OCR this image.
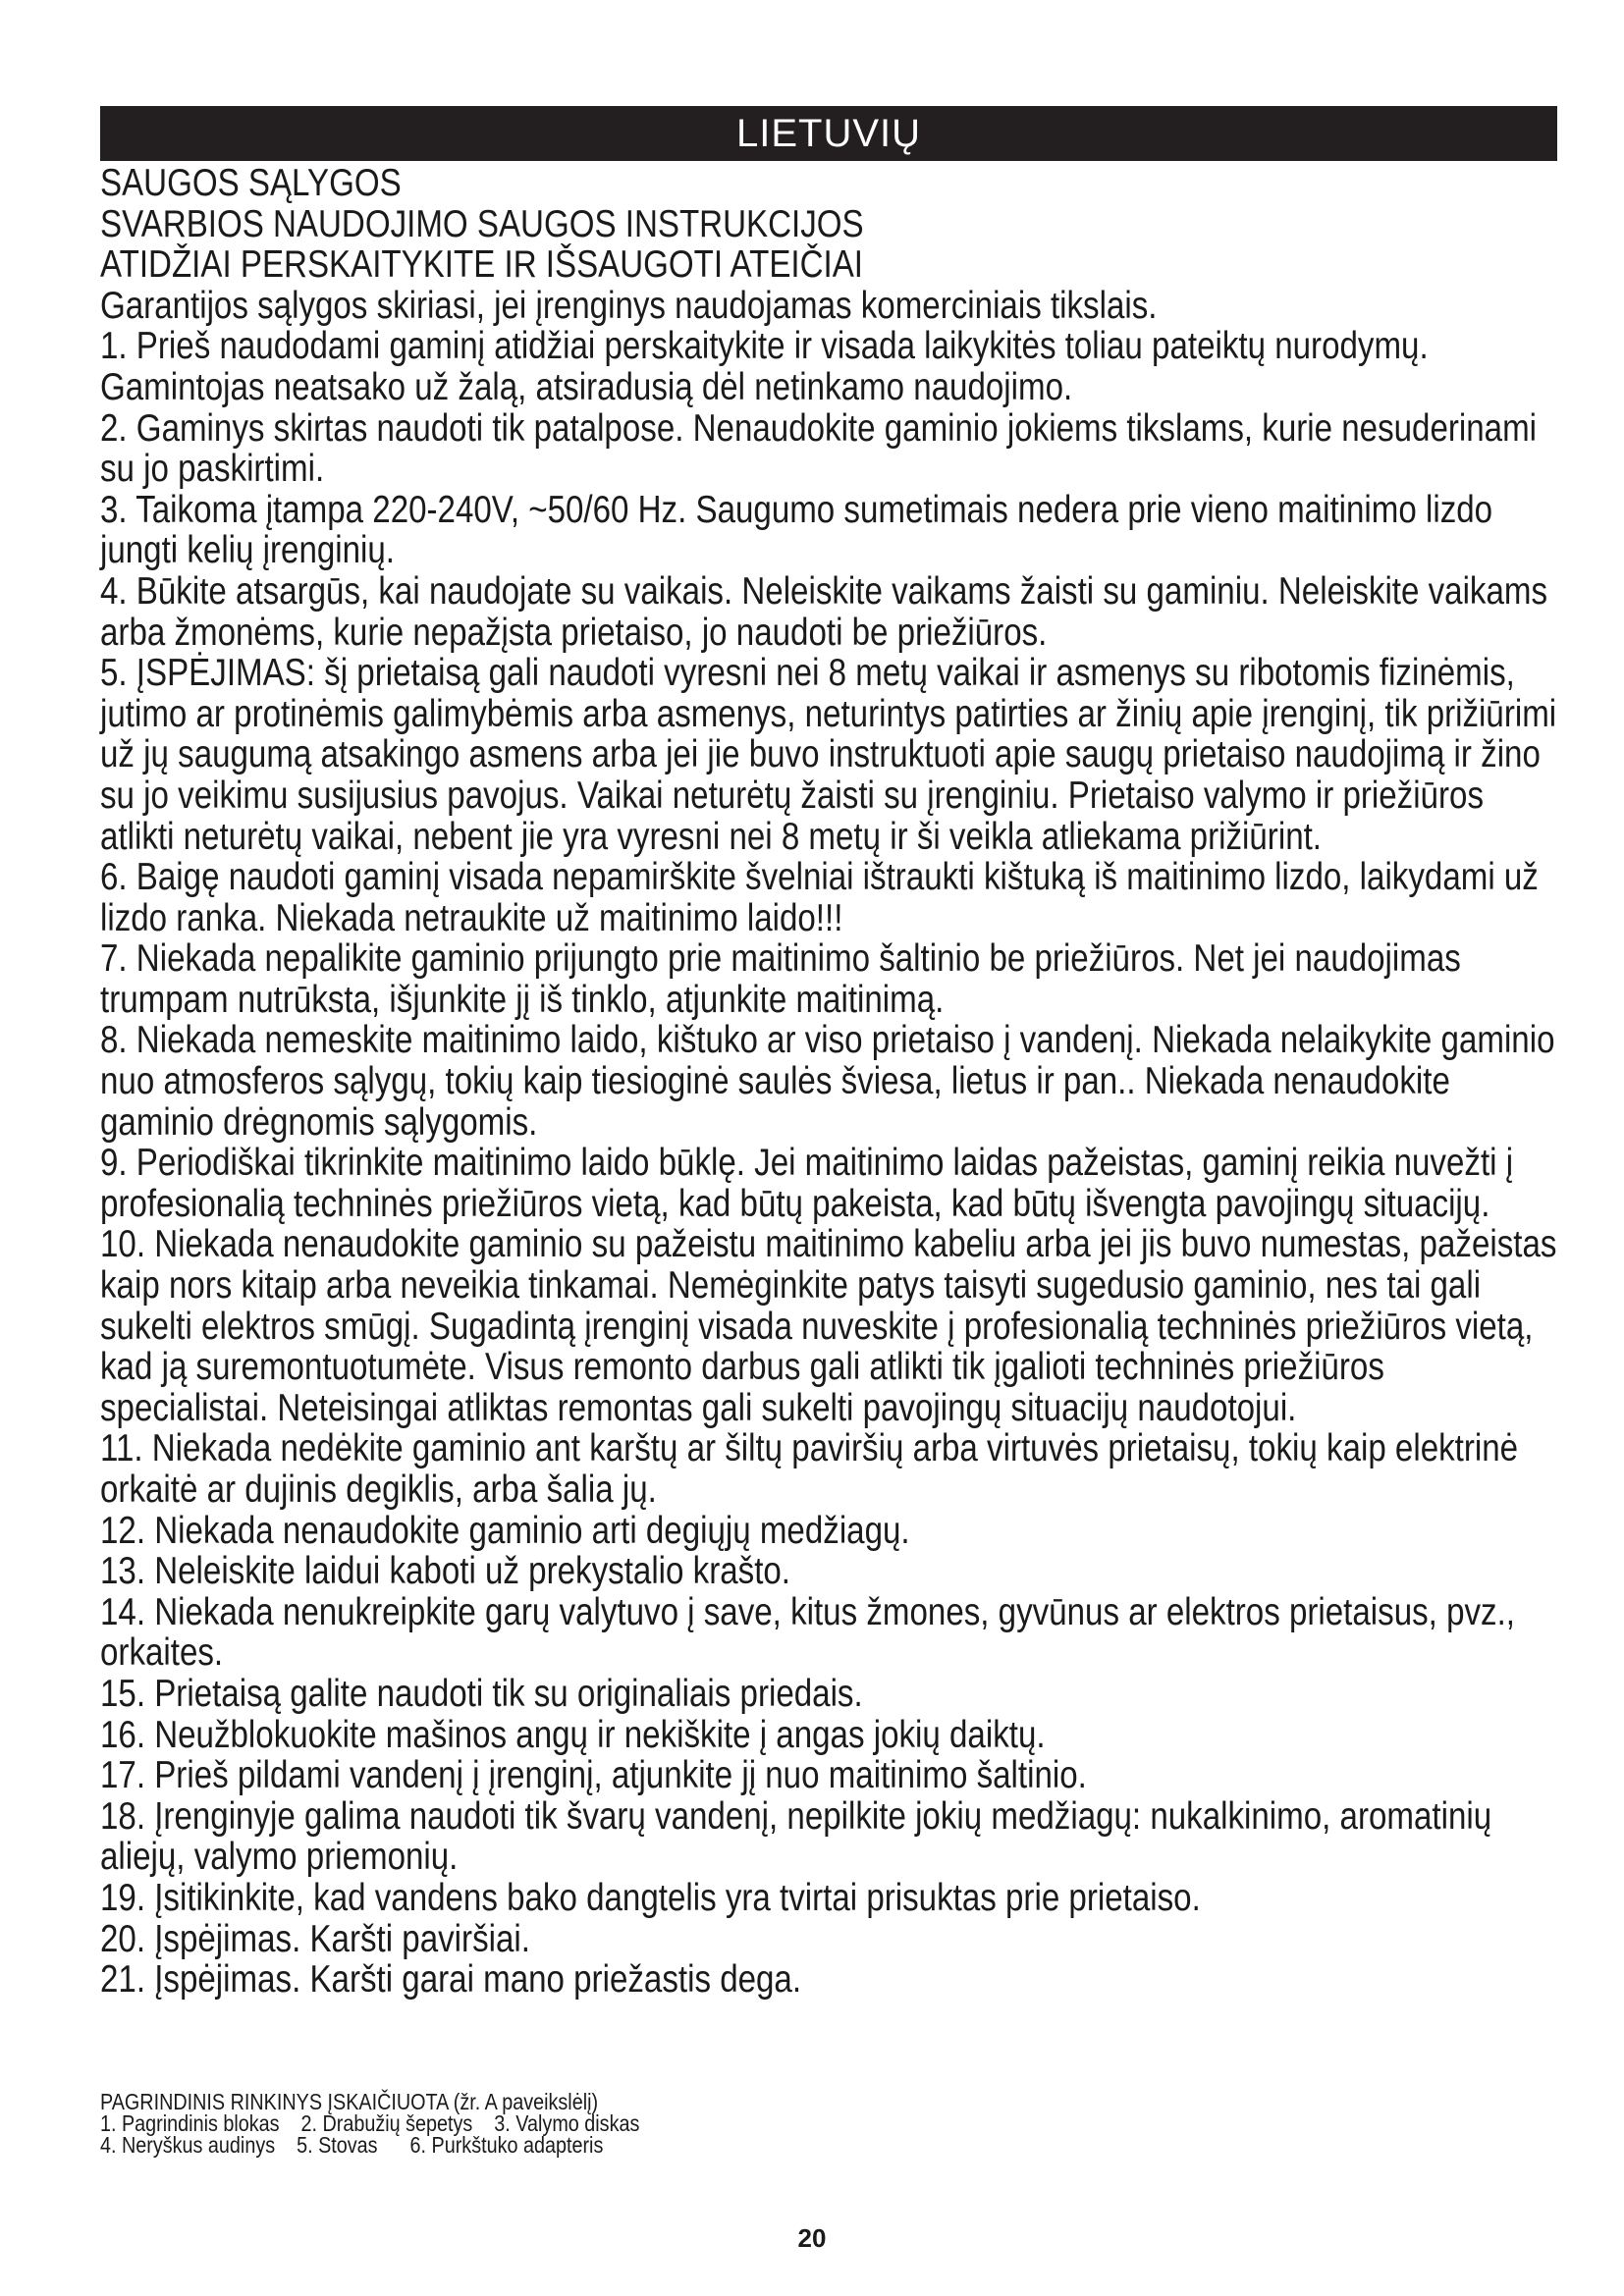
LIETUVIŲ

SAUGOS SĄLYGOS

SVARBIOS NAUDOJIMO SAUGOS INSTRUKCIJOS

ATIDŽIAI PERSKAITYKITE IR IŠSAUGOTI ATEIČIAI

Garantijos sąlygos skiriasi, jei įrenginys naudojamas komerciniais tikslais.

1. Prieš naudodami gaminį atidžiai perskaitykite ir visada laikykitės toliau pateiktų nurodymų. Gamintojas neatsako už žalą, atsiradusią dėl netinkamo naudojimo.

2. Gaminys skirtas naudoti tik patalpose. Nenaudokite gaminio jokiems tikslams, kurie nesuderinami su jo paskirtimi.

3. Taikoma įtampa 220-240V, ~50/60 Hz. Saugumo sumetimais nedera prie vieno maitinimo lizdo jungti kelių įrenginių.

4. Būkite atsargūs, kai naudojate su vaikais. Neleiskite vaikams žaisti su gaminiu. Neleiskite vaikams arba žmonėms, kurie nepažįsta prietaiso, jo naudoti be priežiūros.

5. ĮSPĖJIMAS: šį prietaisą gali naudoti vyresni nei 8 metų vaikai ir asmenys su ribotomis fizinėmis, jutimo ar protinėmis galimybėmis arba asmenys, neturintys patirties ar žinių apie įrenginį, tik prižiūrimi už jų saugumą atsakingo asmens arba jei jie buvo instruktuoti apie saugų prietaiso naudojimą ir žino su jo veikimu susijusius pavojus. Vaikai neturėtų žaisti su įrenginiu. Prietaiso valymo ir priežiūros atlikti neturėtų vaikai, nebent jie yra vyresni nei 8 metų ir ši veikla atliekama prižiūrint.

6. Baigę naudoti gaminį visada nepamirškite švelniai ištraukti kištuką iš maitinimo lizdo, laikydami už lizdo ranka. Niekada netraukite už maitinimo laido!!!

7. Niekada nepalikite gaminio prijungto prie maitinimo šaltinio be priežiūros. Net jei naudojimas trumpam nutrūksta, išjunkite jį iš tinklo, atjunkite maitinimą.

8. Niekada nemeskite maitinimo laido, kištuko ar viso prietaiso į vandenį. Niekada nelaikykite gaminio nuo atmosferos sąlygų, tokių kaip tiesioginė saulės šviesa, lietus ir pan.. Niekada nenaudokite gaminio drėgnomis sąlygomis.

9. Periodiškai tikrinkite maitinimo laido būklę. Jei maitinimo laidas pažeistas, gaminį reikia nuvežti į profesionalią techninės priežiūros vietą, kad būtų pakeista, kad būtų išvengta pavojingų situacijų.

10. Niekada nenaudokite gaminio su pažeistu maitinimo kabeliu arba jei jis buvo numestas, pažeistas kaip nors kitaip arba neveikia tinkamai. Nemėginkite patys taisyti sugedusio gaminio, nes tai gali sukelti elektros smūgį. Sugadintą įrenginį visada nuveskite į profesionalią techninės priežiūros vietą, kad ją suremontuotumėte. Visus remonto darbus gali atlikti tik įgalioti techninės priežiūros specialistai. Neteisingai atliktas remontas gali sukelti pavojingų situacijų naudotojui.

11. Niekada nedėkite gaminio ant karštų ar šiltų paviršių arba virtuvės prietaisų, tokių kaip elektrinė orkaitė ar dujinis degiklis, arba šalia jų.

12. Niekada nenaudokite gaminio arti degiųjų medžiagų.

13. Neleiskite laidui kaboti už prekystalio krašto.

14. Niekada nenukreipkite garų valytuvo į save, kitus žmones, gyvūnus ar elektros prietaisus, pvz., orkaites.

15. Prietaisą galite naudoti tik su originaliais priedais.

16. Neužblokuokite mašinos angų ir nekiškite į angas jokių daiktų.

17. Prieš pildami vandenį į įrenginį, atjunkite jį nuo maitinimo šaltinio.

18. Įrenginyje galima naudoti tik švarų vandenį, nepilkite jokių medžiagų: nukalkinimo, aromatinių aliejų, valymo priemonių.

19. Įsitikinkite, kad vandens bako dangtelis yra tvirtai prisuktas prie prietaiso.

20. Įspėjimas. Karšti paviršiai.

21. Įspėjimas. Karšti garai mano priežastis dega.

PAGRINDINIS RINKINYS ĮSKAIČIUOTA (žr. A paveikslėlį)
1. Pagrindinis blokas
2. Drabužių šepetys
3. Valymo diskas
4. Neryškus audinys
5. Stovas
6. Purkštuko adapteris
20
